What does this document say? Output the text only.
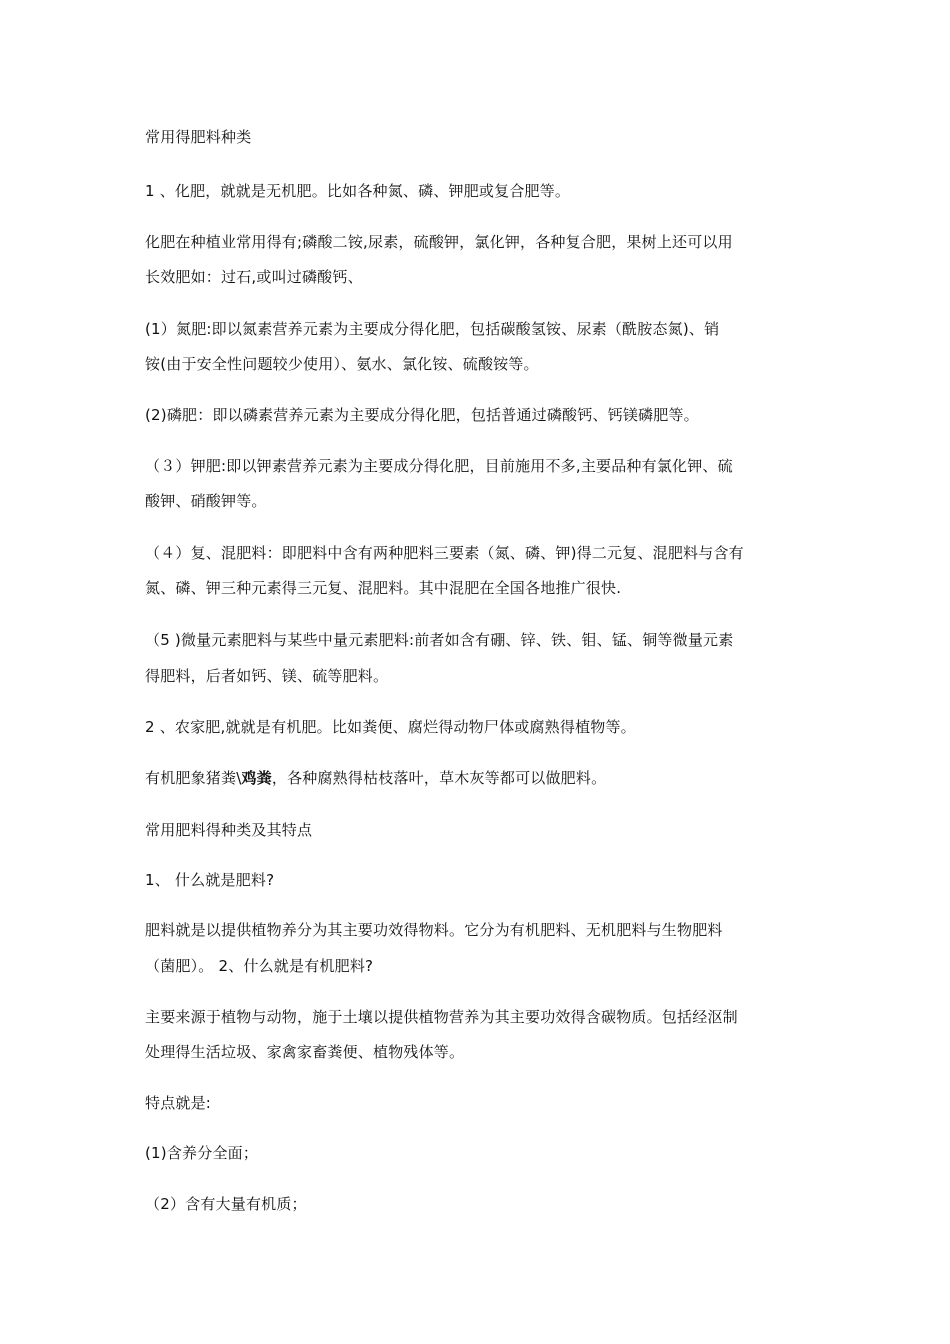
常用得肥料种类
1 、化肥，就就是无机肥。比如各种氮、磷、钾肥或复合肥等。
化肥在种植业常用得有;磷酸二铵,尿素，硫酸钾，氯化钾，各种复合肥，果树上还可以用
长效肥如：过石,或叫过磷酸钙、
(1）氮肥:即以氮素营养元素为主要成分得化肥，包括碳酸氢铵、尿素（酰胺态氮)、销
铵(由于安全性问题较少使用）、氨水、氯化铵、硫酸铵等。
(2)磷肥：即以磷素营养元素为主要成分得化肥，包括普通过磷酸钙、钙镁磷肥等。
（３）钾肥:即以钾素营养元素为主要成分得化肥，目前施用不多,主要品种有氯化钾、硫
酸钾、硝酸钾等。
（４）复、混肥料：即肥料中含有两种肥料三要素（氮、磷、钾)得二元复、混肥料与含有
氮、磷、钾三种元素得三元复、混肥料。其中混肥在全国各地推广很快.
（5 )微量元素肥料与某些中量元素肥料:前者如含有硼、锌、铁、钼、锰、铜等微量元素
得肥料，后者如钙、镁、硫等肥料。
2 、农家肥,就就是有机肥。比如粪便、腐烂得动物尸体或腐熟得植物等。
有机肥象猪粪\鸡粪，各种腐熟得枯枝落叶，草木灰等都可以做肥料。
常用肥料得种类及其特点
1、 什么就是肥料?
肥料就是以提供植物养分为其主要功效得物料。它分为有机肥料、无机肥料与生物肥料
（菌肥）。 2、什么就是有机肥料?
主要来源于植物与动物，施于土壤以提供植物营养为其主要功效得含碳物质。包括经沤制
处理得生活垃圾、家禽家畜粪便、植物残体等。
特点就是:
(1)含养分全面；
（2）含有大量有机质；
